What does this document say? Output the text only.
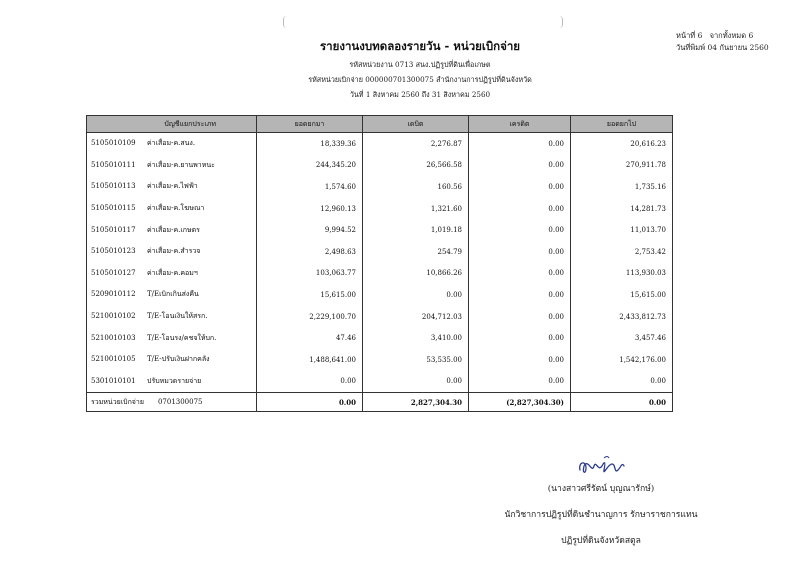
หน้าที่ 6 จากทั้งหมด 6
วันที่พิมพ์ 04 กันยายน 2560
รายงานงบทดลองรายวัน - หน่วยเบิกจ่าย
รหัสหน่วยงาน 0713 สนง.ปฏิรูปที่ดินเพื่อเกษต
รหัสหน่วยเบิกจ่าย 000000701300075 สำนักงานการปฏิรูปที่ดินจังหวัด
วันที่ 1 สิงหาคม 2560 ถึง 31 สิงหาคม 2560
บัญชีแยกประเภท	ยอดยกมา	เดบิต	เครดิต	ยอดยกไป
5105010109 ค่าเสื่อม-ค.สนง.	18,339.36	2,276.87	0.00	20,616.23
5105010111 ค่าเสื่อม-ค.ยานพาหนะ	244,345.20	26,566.58	0.00	270,911.78
5105010113 ค่าเสื่อม-ค.ไฟฟ้า	1,574.60	160.56	0.00	1,735.16
5105010115 ค่าเสื่อม-ค.โฆษณา	12,960.13	1,321.60	0.00	14,281.73
5105010117 ค่าเสื่อม-ค.เกษตร	9,994.52	1,019.18	0.00	11,013.70
5105010123 ค่าเสื่อม-ค.สำรวจ	2,498.63	254.79	0.00	2,753.42
5105010127 ค่าเสื่อม-ค.คอมฯ	103,063.77	10,866.26	0.00	113,930.03
5209010112 T/Eเบิกเกินส่งคืน	15,615.00	0.00	0.00	15,615.00
5210010102 T/E-โอนเงินให้สรก.	2,229,100.70	204,712.03	0.00	2,433,812.73
5210010103 T/E-โอนรง/คชจให้บก.	47.46	3,410.00	0.00	3,457.46
5210010105 T/E-ปรับเงินฝากคลัง	1,488,641.00	53,535.00	0.00	1,542,176.00
5301010101 ปรับหมวดรายจ่าย	0.00	0.00	0.00	0.00
รวมหน่วยเบิกจ่าย 0701300075	0.00	2,827,304.30	(2,827,304.30)	0.00
(นางสาวศรีรัตน์ บุญณารักษ์)
นักวิชาการปฏิรูปที่ดินชำนาญการ รักษาราชการแทน
ปฏิรูปที่ดินจังหวัดสตูล
